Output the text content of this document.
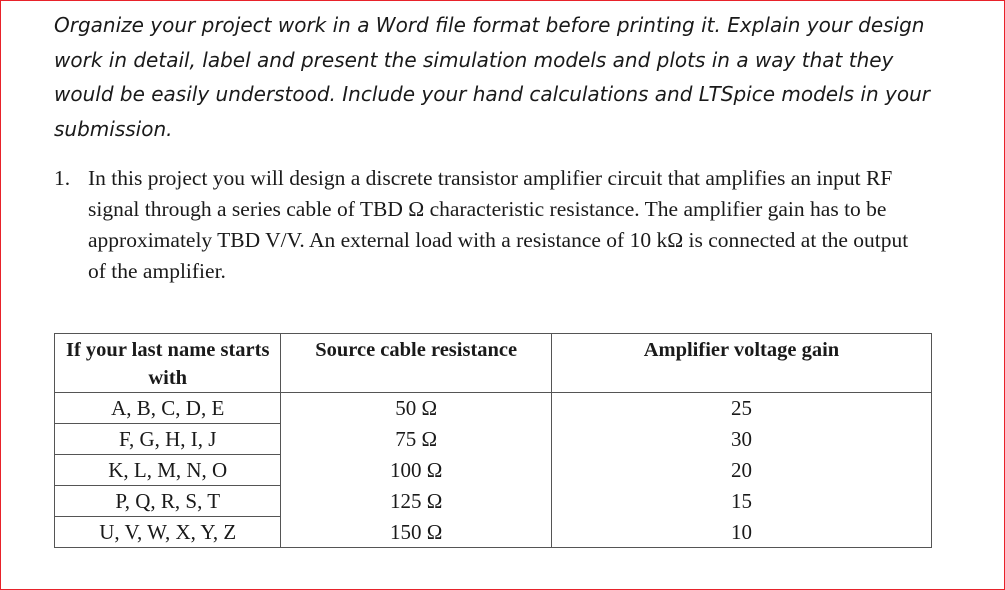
Organize your project work in a Word file format before printing it. Explain your design work in detail, label and present the simulation models and plots in a way that they would be easily understood. Include your hand calculations and LTSpice models in your submission.

1. In this project you will design a discrete transistor amplifier circuit that amplifies an input RF signal through a series cable of TBD Ω characteristic resistance. The amplifier gain has to be approximately TBD V/V. An external load with a resistance of 10 kΩ is connected at the output of the amplifier.

If your last name starts with	Source cable resistance	Amplifier voltage gain
A, B, C, D, E	50 Ω	25
F, G, H, I, J	75 Ω	30
K, L, M, N, O	100 Ω	20
P, Q, R, S, T	125 Ω	15
U, V, W, X, Y, Z	150 Ω	10
